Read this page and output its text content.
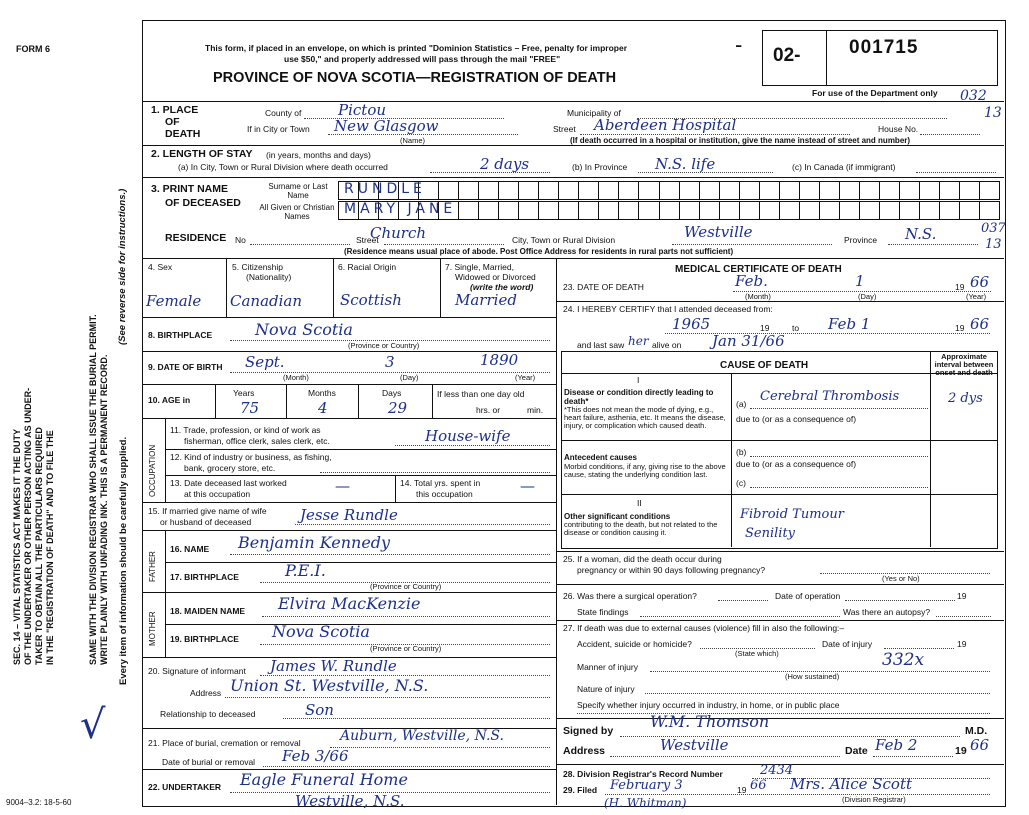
SEC. 14 – VITAL STATISTICS ACT MAKES IT THE DUTY OF THE UNDERTAKER OR OTHER PERSON ACTING AS UNDER- TAKER TO OBTAIN ALL THE PARTICULARS REQUIRED IN THE "REGISTRATION OF DEATH" AND TO FILE THE	SAME WITH THE DIVISION REGISTRAR WHO SHALL ISSUE THE BURIAL PERMIT. WRITE PLAINLY WITH UNFADING INK. THIS IS A PERMANENT RECORD.
(See reverse side for instructions.)
Every item of information should be carefully supplied.
√
9004–3.2: 18-5-60
FORM 6	This form, if placed in an envelope, on which is printed "Dominion Statistics – Free, penalty for improper
use $50," and properly addressed will pass through the mail "FREE"
PROVINCE OF NOVA SCOTIA—REGISTRATION OF DEATH
- 02-	001715
For use of the Department only 032
13
1. PLACE
OF
DEATH
County of Pictou	Municipality of
If in City or Town New Glasgow
(Name)
Street Aberdeen Hospital	House No.
(If death occurred in a hospital or institution, give the name instead of street and number)
2. LENGTH OF STAY (in years, months and days)
(a) In City, Town or Rural Division where death occurred	2 days	(b) In Province N.S. life	(c) In Canada (if immigrant)
3. PRINT NAME
OF DECEASED
Surname or Last Name
All Given or Christian Names
RUNDLE
MARY JANE
RESIDENCE No	Street
Church	City, Town or Rural Division	Westville	Province N.S.	037
13
(Residence means usual place of abode. Post Office Address for residents in rural parts not sufficient)
4. Sex	5. Citizenship
(Nationality)
6. Racial Origin	7. Single, Married,
Widowed or Divorced
(write the word)
Female Canadian	Scottish	Married
8. BIRTHPLACE	Nova Scotia
(Province or Country)
9. DATE OF BIRTH Sept.	3	1890
(Month)	(Day)	(Year)
10. AGE in
Years	Months	Days
75	4	29
If less than one day old
hrs. or	min.
OCCUPATION
11. Trade, profession, or kind of work as
fisherman, office clerk, sales clerk, etc.	House-wife
12. Kind of industry or business, as fishing,
bank, grocery store, etc.
13. Date deceased last worked
at this occupation	—	14. Total yrs. spent in
this occupation	—
15. If married give name of wife
or husband of deceased	Jesse Rundle
FATHER
16. NAME Benjamin Kennedy
17. BIRTHPLACE	P.E.I.
(Province or Country)
MOTHER
18. MAIDEN NAME Elvira MacKenzie
19. BIRTHPLACE Nova Scotia
(Province or Country)
20. Signature of informant James W. Rundle
Address Union St. Westville, N.S.
Relationship to deceased	Son
21. Place of burial, cremation or removal	Auburn, Westville, N.S.
Date of burial or removal Feb 3/66
22. UNDERTAKER Eagle Funeral Home
Westville, N.S.
MEDICAL CERTIFICATE OF DEATH
23. DATE OF DEATH	Feb.	1	19 66
(Month)	(Day)	(Year)
24. I HEREBY CERTIFY that I attended deceased from:
1965	19	to Feb 1	19 66
and last saw her alive on Jan 31/66
CAUSE OF DEATH
Approximate interval between onset and death
I
Disease or condition directly leading to death*
*This does not mean the mode of dying, e.g., heart failure, asthenia, etc. It means the disease, injury, or complication which caused death.
(a) Cerebral Thrombosis	2 dys
due to (or as a consequence of)
Antecedent causes
Morbid conditions, if any, giving rise to the above cause, stating the underlying condition last.
(b)
due to (or as a consequence of)
(c)
II
Other significant conditions
contributing to the death, but not related to the disease or condition causing it.
Fibroid Tumour
Senility
25. If a woman, did the death occur during
pregnancy or within 90 days following pregnancy?
(Yes or No)
26. Was there a surgical operation?	Date of operation	19
State findings	Was there an autopsy?
27. If death was due to external causes (violence) fill in also the following:–
Accident, suicide or homicide?
(State which)
Date of injury	19
Manner of injury	332x
(How sustained)
Nature of injury
Specify whether injury occurred in industry, in home, or in public place
Signed by W.M. Thomson	M.D.
Address	Westville	Date Feb 2	19 66
28. Division Registrar's Record Number	2434
29. Filed February 3	19 66 Mrs. Alice Scott
(Division Registrar)
(H. Whitman)
